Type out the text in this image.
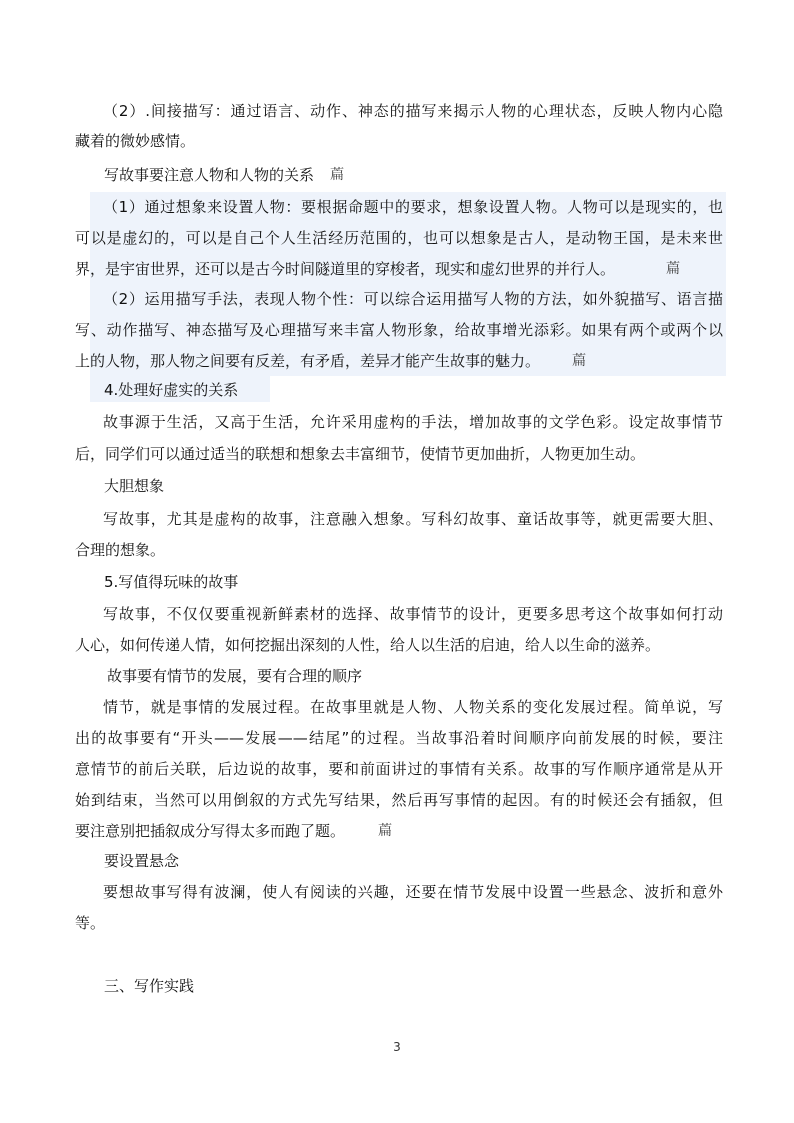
（2）.间接描写：通过语言、动作、神态的描写来揭示人物的心理状态，反映人物内心隐
藏着的微妙感情。
写故事要注意人物和人物的关系 萹
（1）通过想象来设置人物：要根据命题中的要求，想象设置人物。人物可以是现实的，也
可以是虚幻的，可以是自己个人生活经历范围的，也可以想象是古人，是动物王国，是未来世
界，是宇宙世界，还可以是古今时间隧道里的穿梭者，现实和虚幻世界的并行人。	萹
（2）运用描写手法，表现人物个性：可以综合运用描写人物的方法，如外貌描写、语言描
写、动作描写、神态描写及心理描写来丰富人物形象，给故事增光添彩。如果有两个或两个以
上的人物，那人物之间要有反差，有矛盾，差异才能产生故事的魅力。 萹
4.处理好虚实的关系
故事源于生活，又高于生活，允许采用虚构的手法，增加故事的文学色彩。设定故事情节
后，同学们可以通过适当的联想和想象去丰富细节，使情节更加曲折，人物更加生动。
大胆想象
写故事，尤其是虚构的故事，注意融入想象。写科幻故事、童话故事等，就更需要大胆、
合理的想象。
5.写值得玩味的故事
写故事，不仅仅要重视新鲜素材的选择、故事情节的设计，更要多思考这个故事如何打动
人心，如何传递人情，如何挖掘出深刻的人性，给人以生活的启迪，给人以生命的滋养。
故事要有情节的发展，要有合理的顺序
情节，就是事情的发展过程。在故事里就是人物、人物关系的变化发展过程。简单说，写
出的故事要有“开头——发展——结尾”的过程。当故事沿着时间顺序向前发展的时候，要注
意情节的前后关联，后边说的故事，要和前面讲过的事情有关系。故事的写作顺序通常是从开
始到结束，当然可以用倒叙的方式先写结果，然后再写事情的起因。有的时候还会有插叙，但
要注意别把插叙成分写得太多而跑了题。 萹
要设置悬念
要想故事写得有波澜，使人有阅读的兴趣，还要在情节发展中设置一些悬念、波折和意外
等。
三、写作实践
3
